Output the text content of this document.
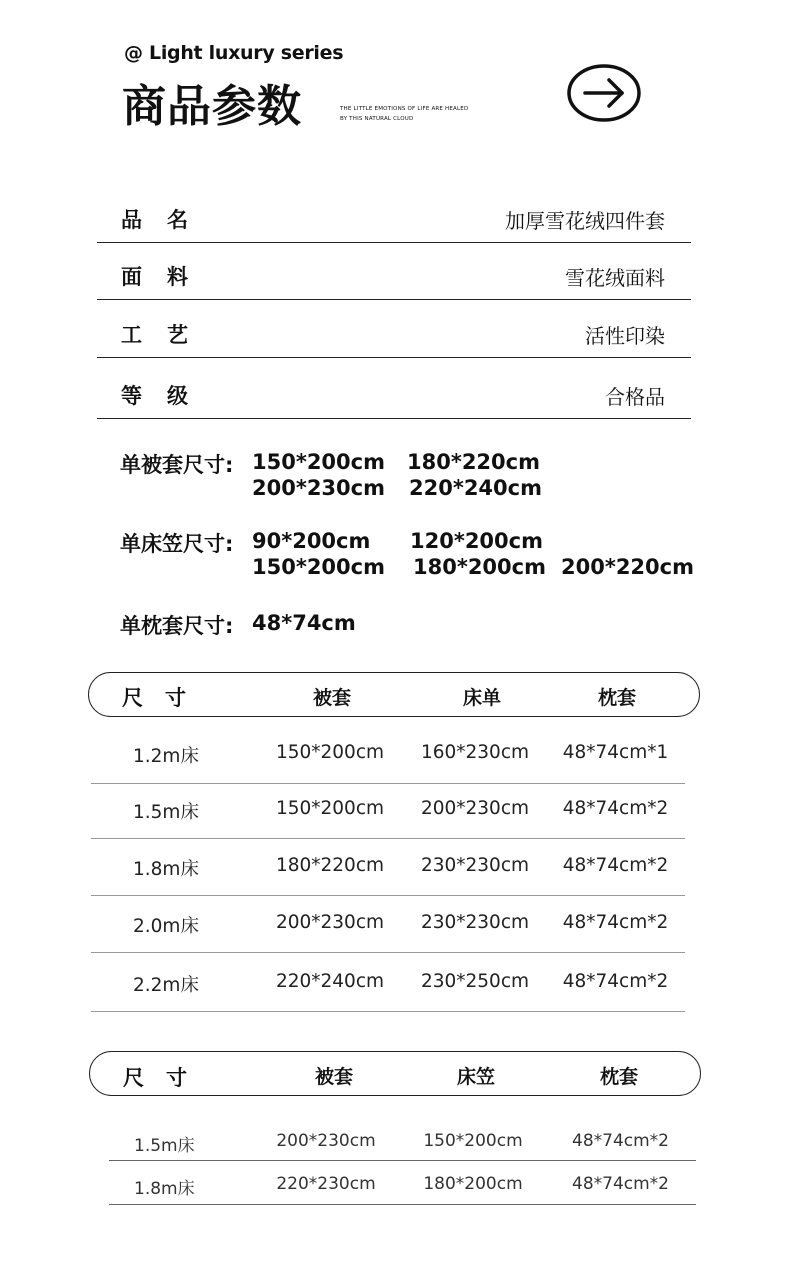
@ Light luxury series
商品参数	THE LITTLE EMOTIONS OF LIFE ARE HEALED
BY THIS NATURAL CLOUD
品名	加厚雪花绒四件套
面料	雪花绒面料
工艺	活性印染
等级	合格品
单被套尺寸: 150*200cm 180*220cm
200*230cm 220*240cm
单床笠尺寸: 90*200cm 120*200cm
150*200cm 180*200cm 200*220cm
单枕套尺寸: 48*74cm
尺寸	被套	床单	枕套
1.2m床	150*200cm	160*230cm	48*74cm*1
1.5m床	150*200cm	200*230cm	48*74cm*2
1.8m床	180*220cm	230*230cm	48*74cm*2
2.0m床	200*230cm	230*230cm	48*74cm*2
2.2m床	220*240cm	230*250cm	48*74cm*2
尺寸	被套	床笠	枕套
1.5m床	200*230cm	150*200cm	48*74cm*2
1.8m床	220*230cm	180*200cm	48*74cm*2
